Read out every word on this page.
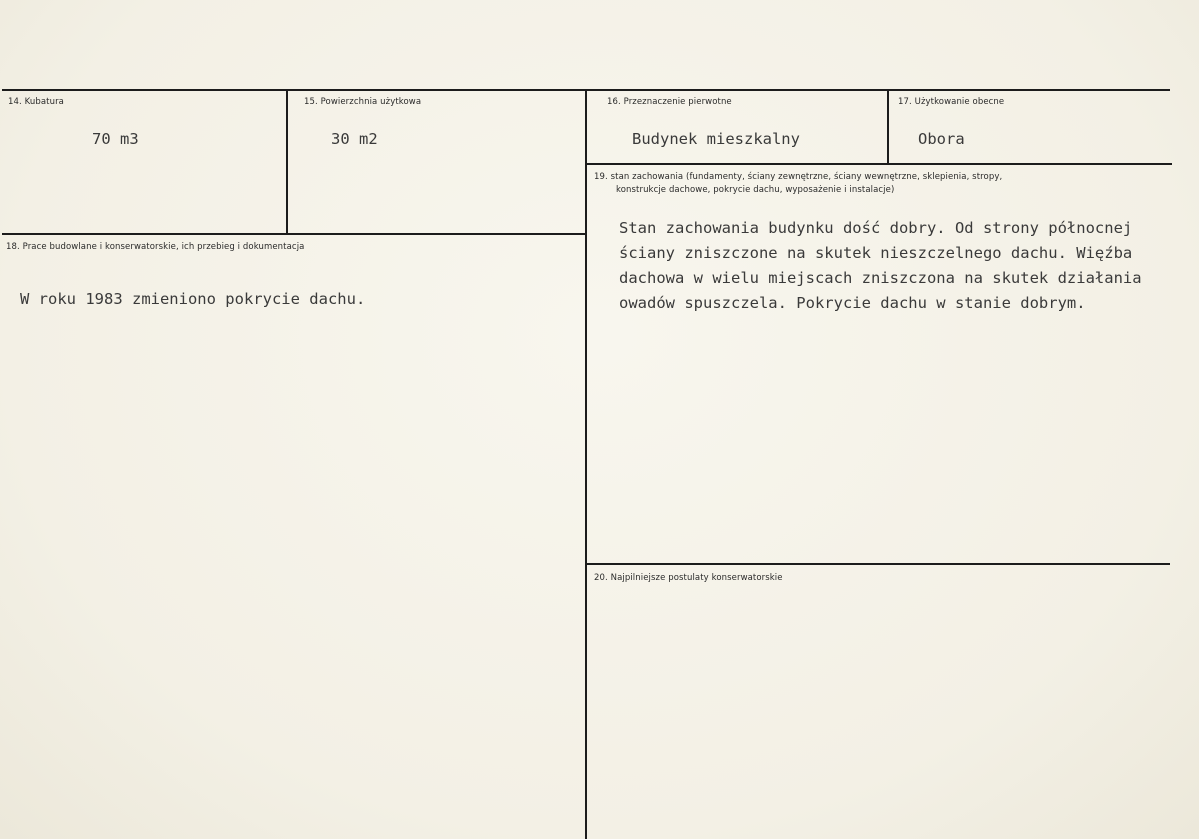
14. Kubatura
70 m3
15. Powierzchnia użytkowa
30 m2
16. Przeznaczenie pierwotne
Budynek mieszkalny
17. Użytkowanie obecne
Obora
18. Prace budowlane i konserwatorskie, ich przebieg i dokumentacja
W roku 1983 zmieniono pokrycie dachu.
19. stan zachowania (fundamenty, ściany zewnętrzne, ściany wewnętrzne, sklepienia, stropy,
konstrukcje dachowe, pokrycie dachu, wyposażenie i instalacje)
Stan zachowania budynku dość dobry. Od strony północnej
ściany zniszczone na skutek nieszczelnego dachu. Więźba
dachowa w wielu miejscach zniszczona na skutek działania
owadów spuszczela. Pokrycie dachu w stanie dobrym.
20. Najpilniejsze postulaty konserwatorskie
